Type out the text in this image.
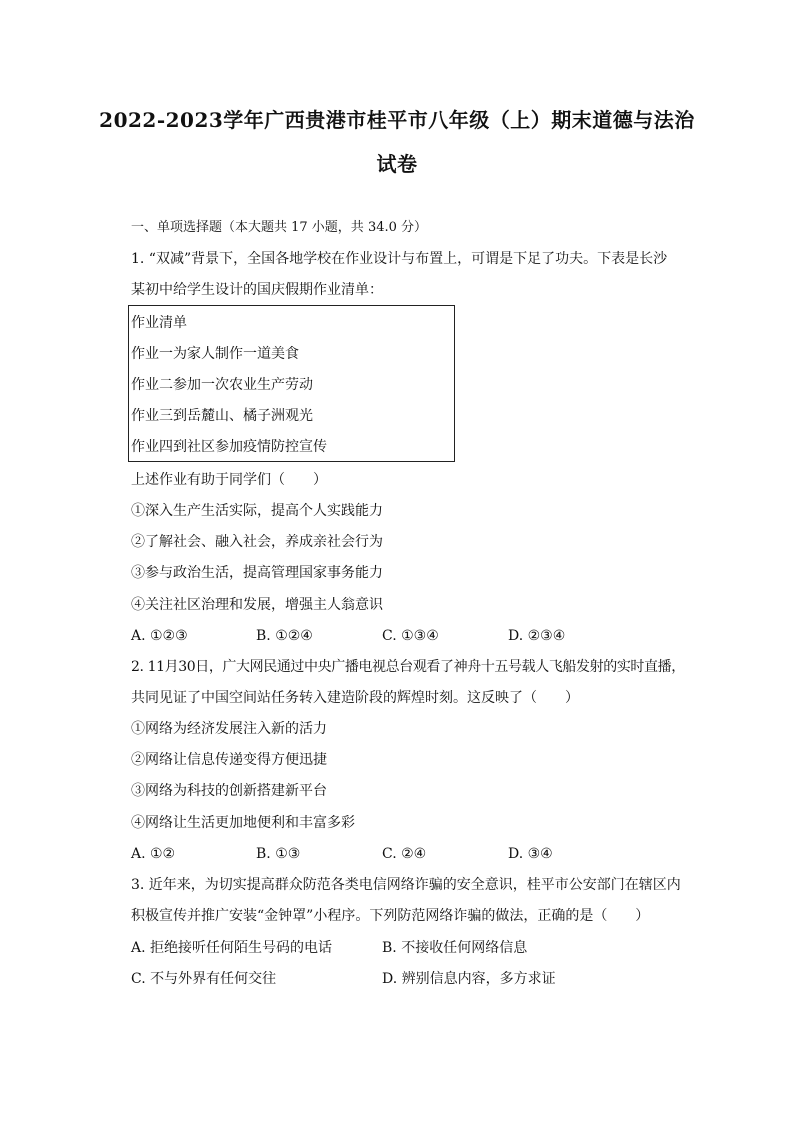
2022-2023学年广西贵港市桂平市八年级（上）期末道德与法治
试卷
一、单项选择题（本大题共 17 小题，共 34.0 分）
1. “双减”背景下，全国各地学校在作业设计与布置上，可谓是下足了功夫。下表是长沙
某初中给学生设计的国庆假期作业清单：
作业清单
作业一为家人制作一道美食
作业二参加一次农业生产劳动
作业三到岳麓山、橘子洲观光
作业四到社区参加疫情防控宣传
上述作业有助于同学们（　　）
①深入生产生活实际，提高个人实践能力
②了解社会、融入社会，养成亲社会行为
③参与政治生活，提高管理国家事务能力
④关注社区治理和发展，增强主人翁意识
A. ①②③	B. ①②④	C. ①③④	D. ②③④
2. 11月30日，广大网民通过中央广播电视总台观看了神舟十五号载人飞船发射的实时直播，
共同见证了中国空间站任务转入建造阶段的辉煌时刻。这反映了（　　）
①网络为经济发展注入新的活力
②网络让信息传递变得方便迅捷
③网络为科技的创新搭建新平台
④网络让生活更加地便利和丰富多彩
A. ①②	B. ①③	C. ②④	D. ③④
3. 近年来，为切实提高群众防范各类电信网络诈骗的安全意识，桂平市公安部门在辖区内
积极宣传并推广安装“金钟罩”小程序。下列防范网络诈骗的做法，正确的是（　　）
A. 拒绝接听任何陌生号码的电话	B. 不接收任何网络信息
C. 不与外界有任何交往	D. 辨别信息内容，多方求证
